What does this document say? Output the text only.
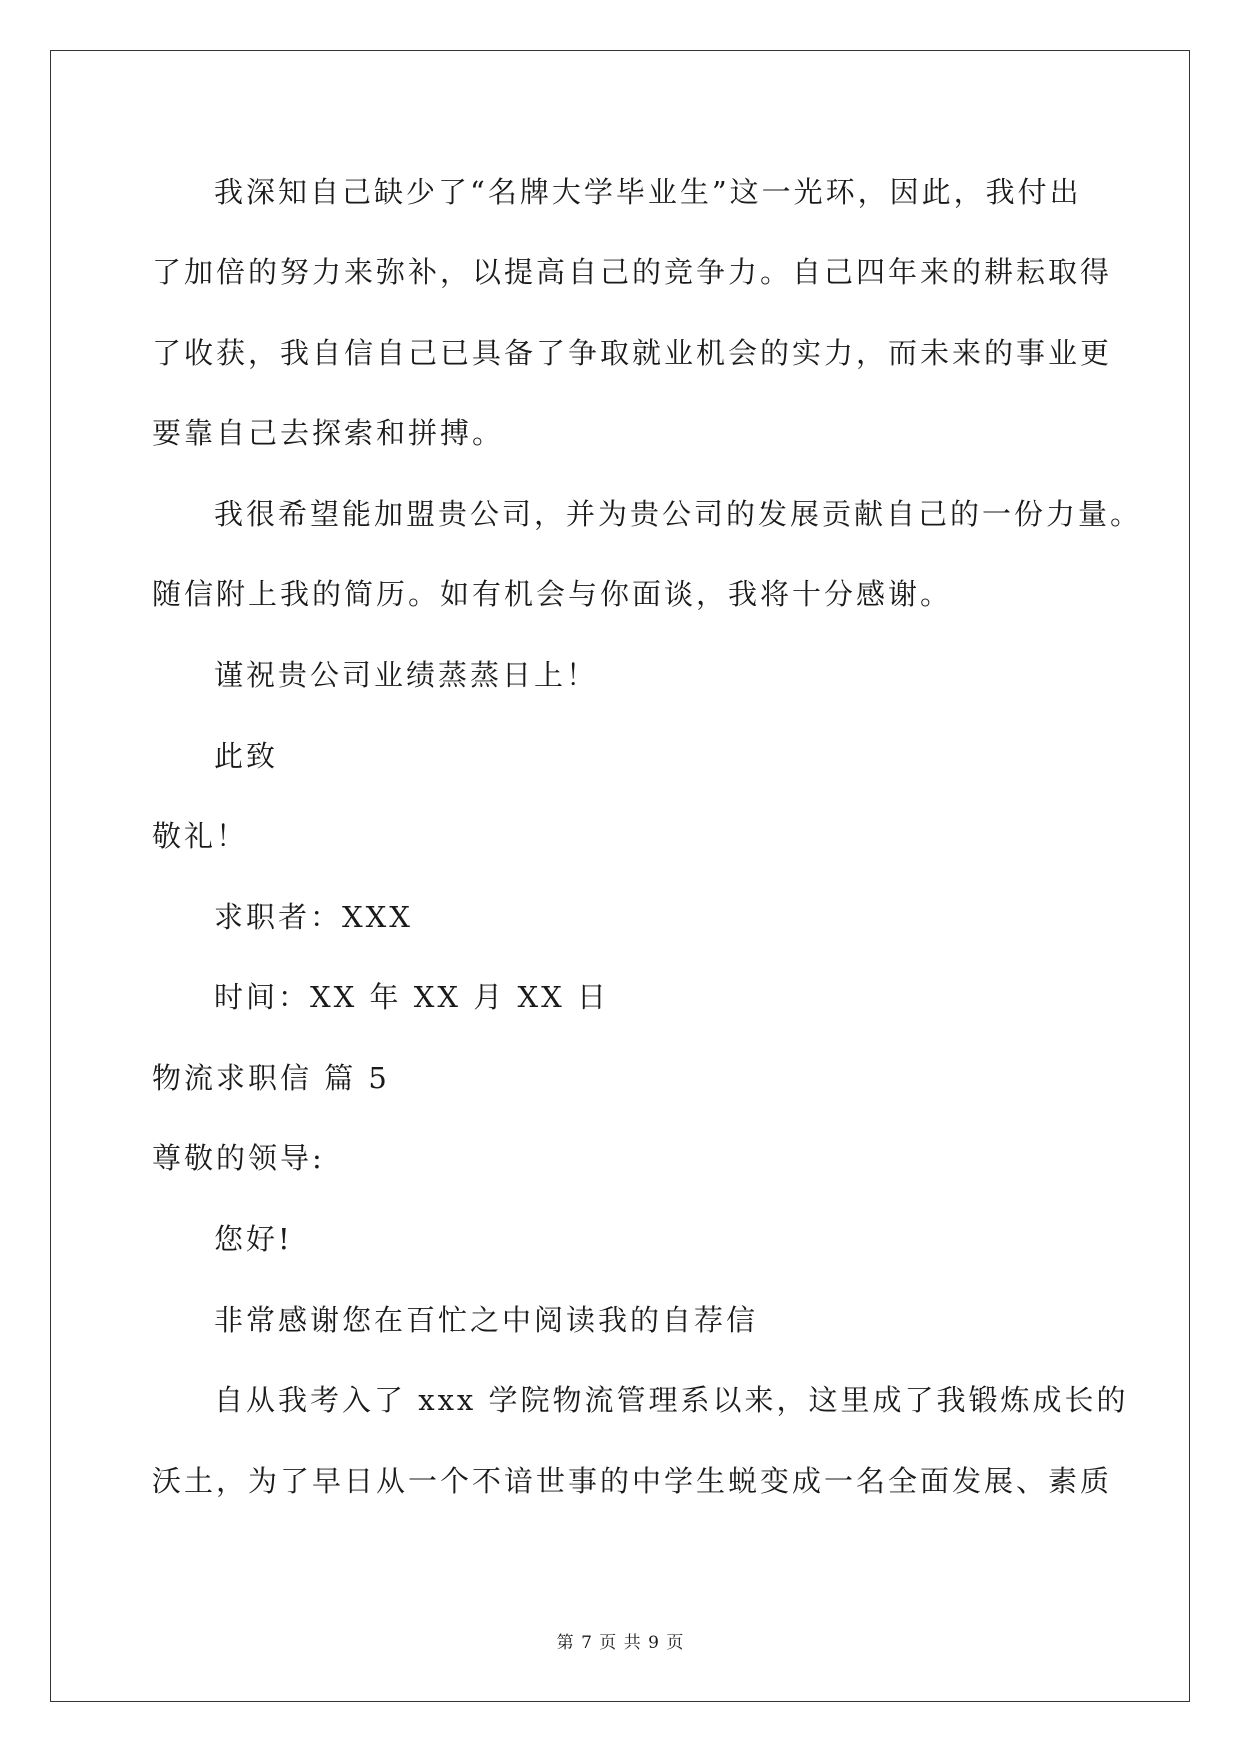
我深知自己缺少了“名牌大学毕业生”这一光环，因此，我付出
了加倍的努力来弥补，以提高自己的竞争力。自己四年来的耕耘取得
了收获，我自信自己已具备了争取就业机会的实力，而未来的事业更
要靠自己去探索和拼搏。
我很希望能加盟贵公司，并为贵公司的发展贡献自己的一份力量。
随信附上我的简历。如有机会与你面谈，我将十分感谢。
谨祝贵公司业绩蒸蒸日上！
此致
敬礼！
求职者：XXX
时间：XX 年 XX 月 XX 日
物流求职信 篇 5
尊敬的领导:
您好!
非常感谢您在百忙之中阅读我的自荐信
自从我考入了 xxx 学院物流管理系以来，这里成了我锻炼成长的
沃土，为了早日从一个不谙世事的中学生蜕变成一名全面发展、素质
第 7 页 共 9 页
